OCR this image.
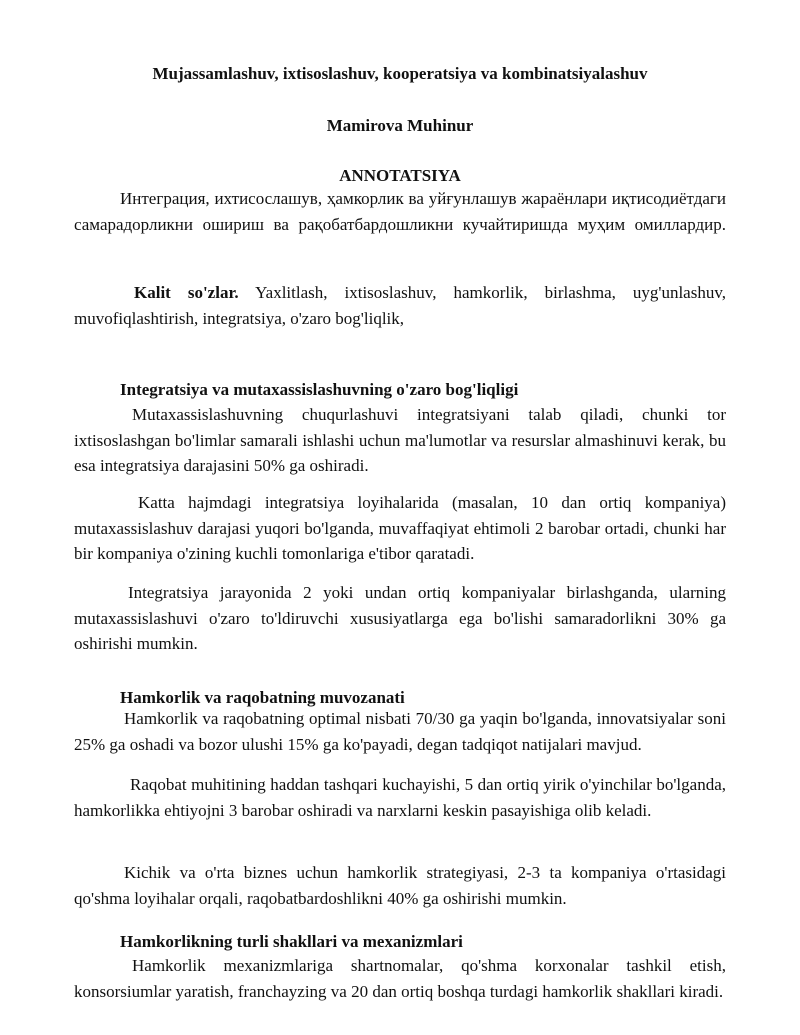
Mujassamlashuv, ixtisoslashuv, kooperatsiya va kombinatsiyalashuv
Mamirova Muhinur
ANNOTATSIYA

Интеграция, ихтисослашув, ҳамкорлик ва уйғунлашув жараёнлари иқтисодиётдаги самарадорликни ошириш ва рақобатбардошликни кучайтиришда муҳим омиллардир.

Kalit so'zlar. Yaxlitlash, ixtisoslashuv, hamkorlik, birlashma, uyg'unlashuv, muvofiqlashtirish, integratsiya, o'zaro bog'liqlik,

Integratsiya va mutaxassislashuvning o'zaro bog'liqligi

Mutaxassislashuvning chuqurlashuvi integratsiyani talab qiladi, chunki tor ixtisoslashgan bo'limlar samarali ishlashi uchun ma'lumotlar va resurslar almashinuvi kerak, bu esa integratsiya darajasini 50% ga oshiradi.

Katta hajmdagi integratsiya loyihalarida (masalan, 10 dan ortiq kompaniya) mutaxassislashuv darajasi yuqori bo'lganda, muvaffaqiyat ehtimoli 2 barobar ortadi, chunki har bir kompaniya o'zining kuchli tomonlariga e'tibor qaratadi.

Integratsiya jarayonida 2 yoki undan ortiq kompaniyalar birlashganda, ularning mutaxassislashuvi o'zaro to'ldiruvchi xususiyatlarga ega bo'lishi samaradorlikni 30% ga oshirishi mumkin.

Hamkorlik va raqobatning muvozanati

Hamkorlik va raqobatning optimal nisbati 70/30 ga yaqin bo'lganda, innovatsiyalar soni 25% ga oshadi va bozor ulushi 15% ga ko'payadi, degan tadqiqot natijalari mavjud.

Raqobat muhitining haddan tashqari kuchayishi, 5 dan ortiq yirik o'yinchilar bo'lganda, hamkorlikka ehtiyojni 3 barobar oshiradi va narxlarni keskin pasayishiga olib keladi.

Kichik va o'rta biznes uchun hamkorlik strategiyasi, 2-3 ta kompaniya o'rtasidagi qo'shma loyihalar orqali, raqobatbardoshlikni 40% ga oshirishi mumkin.

Hamkorlikning turli shakllari va mexanizmlari

Hamkorlik mexanizmlariga shartnomalar, qo'shma korxonalar tashkil etish, konsorsiumlar yaratish, franchayzing va 20 dan ortiq boshqa turdagi hamkorlik shakllari kiradi.
